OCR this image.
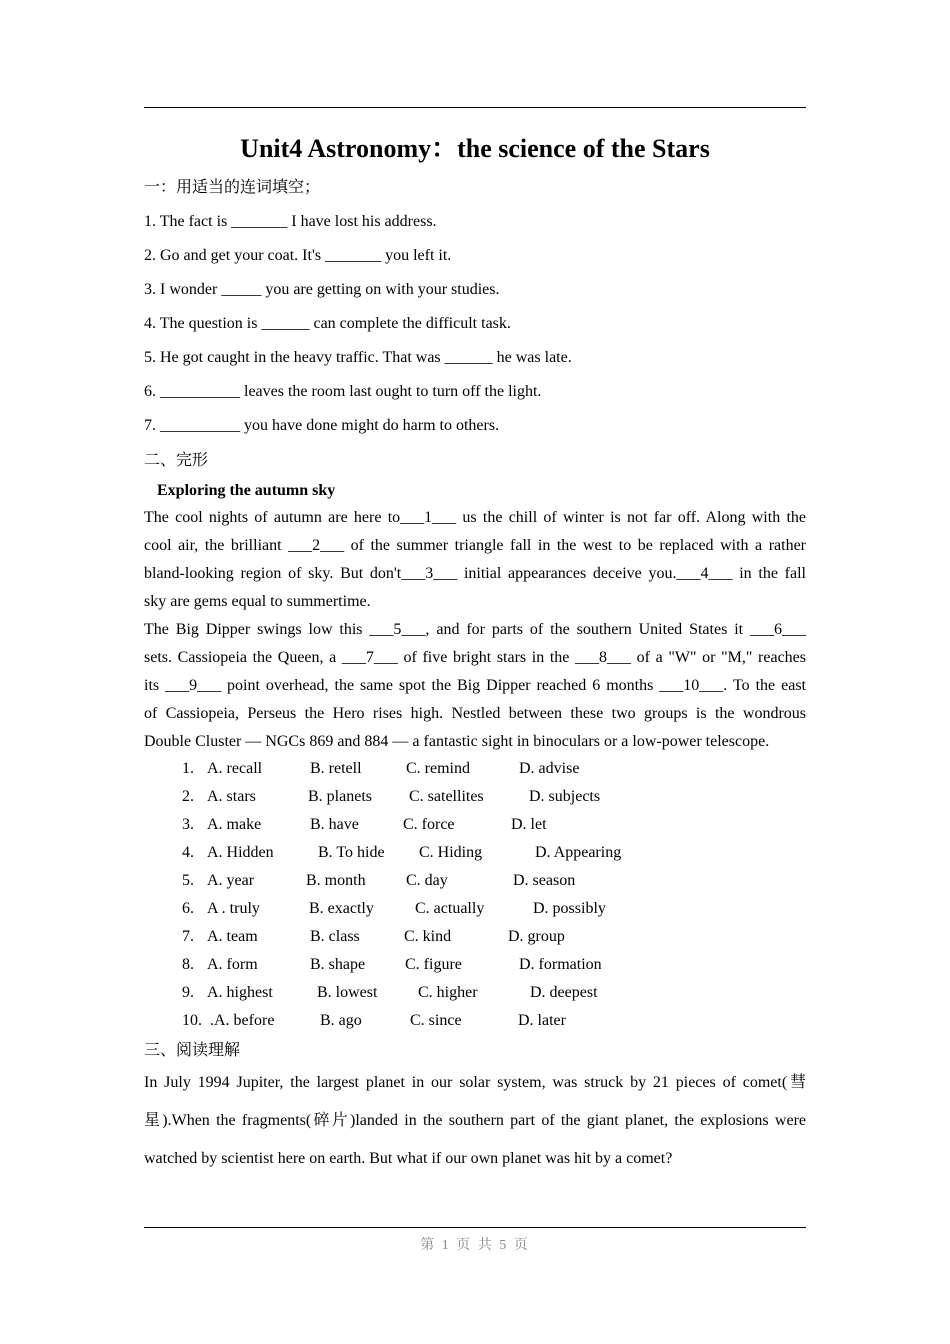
Unit4 Astronomy：the science of the Stars
一：用适当的连词填空；
1. The fact is _______ I have lost his address.
2. Go and get your coat. It's _______ you left it.
3. I wonder _____ you are getting on with your studies.
4. The question is ______ can complete the difficult task.
5. He got caught in the heavy traffic. That was ______ he was late.
6. __________ leaves the room last ought to turn off the light.
7. __________ you have done might do harm to others.
二、完形
Exploring the autumn sky
The cool nights of autumn are here to___1___ us the chill of winter is not far off. Along with the
cool air, the brilliant ___2___ of the summer triangle fall in the west to be replaced with a rather
bland-looking region of sky. But don't___3___ initial appearances deceive you.___4___ in the fall
sky are gems equal to summertime.
The Big Dipper swings low this ___5___, and for parts of the southern United States it ___6___
sets. Cassiopeia the Queen, a ___7___ of five bright stars in the ___8___ of a "W" or "M," reaches
its ___9___ point overhead, the same spot the Big Dipper reached 6 months ___10___. To the east
of Cassiopeia, Perseus the Hero rises high. Nestled between these two groups is the wondrous
Double Cluster — NGCs 869 and 884 — a fantastic sight in binoculars or a low-power telescope.
1. A. recall	B. retell	C. remind	D. advise
2. A. stars	B. planets C. satellites	D. subjects
3. A. make	B. have	C. force	D. let
4. A. Hidden	B. To hide C. Hiding	D. Appearing
5. A. year	B. month	C. day	D. season
6. A . truly	B. exactly	C. actually	D. possibly
7. A. team	B. class	C. kind	D. group
8. A. form	B. shape C. figure	D. formation
9. A. highest	B. lowest	C. higher	D. deepest
10. .A. before	B. ago	C. since	D. later
三、阅读理解
In July 1994 Jupiter, the largest planet in our solar system, was struck by 21 pieces of comet(彗
星).When the fragments(碎片)landed in the southern part of the giant planet, the explosions were
watched by scientist here on earth. But what if our own planet was hit by a comet?
第 1 页 共 5 页
